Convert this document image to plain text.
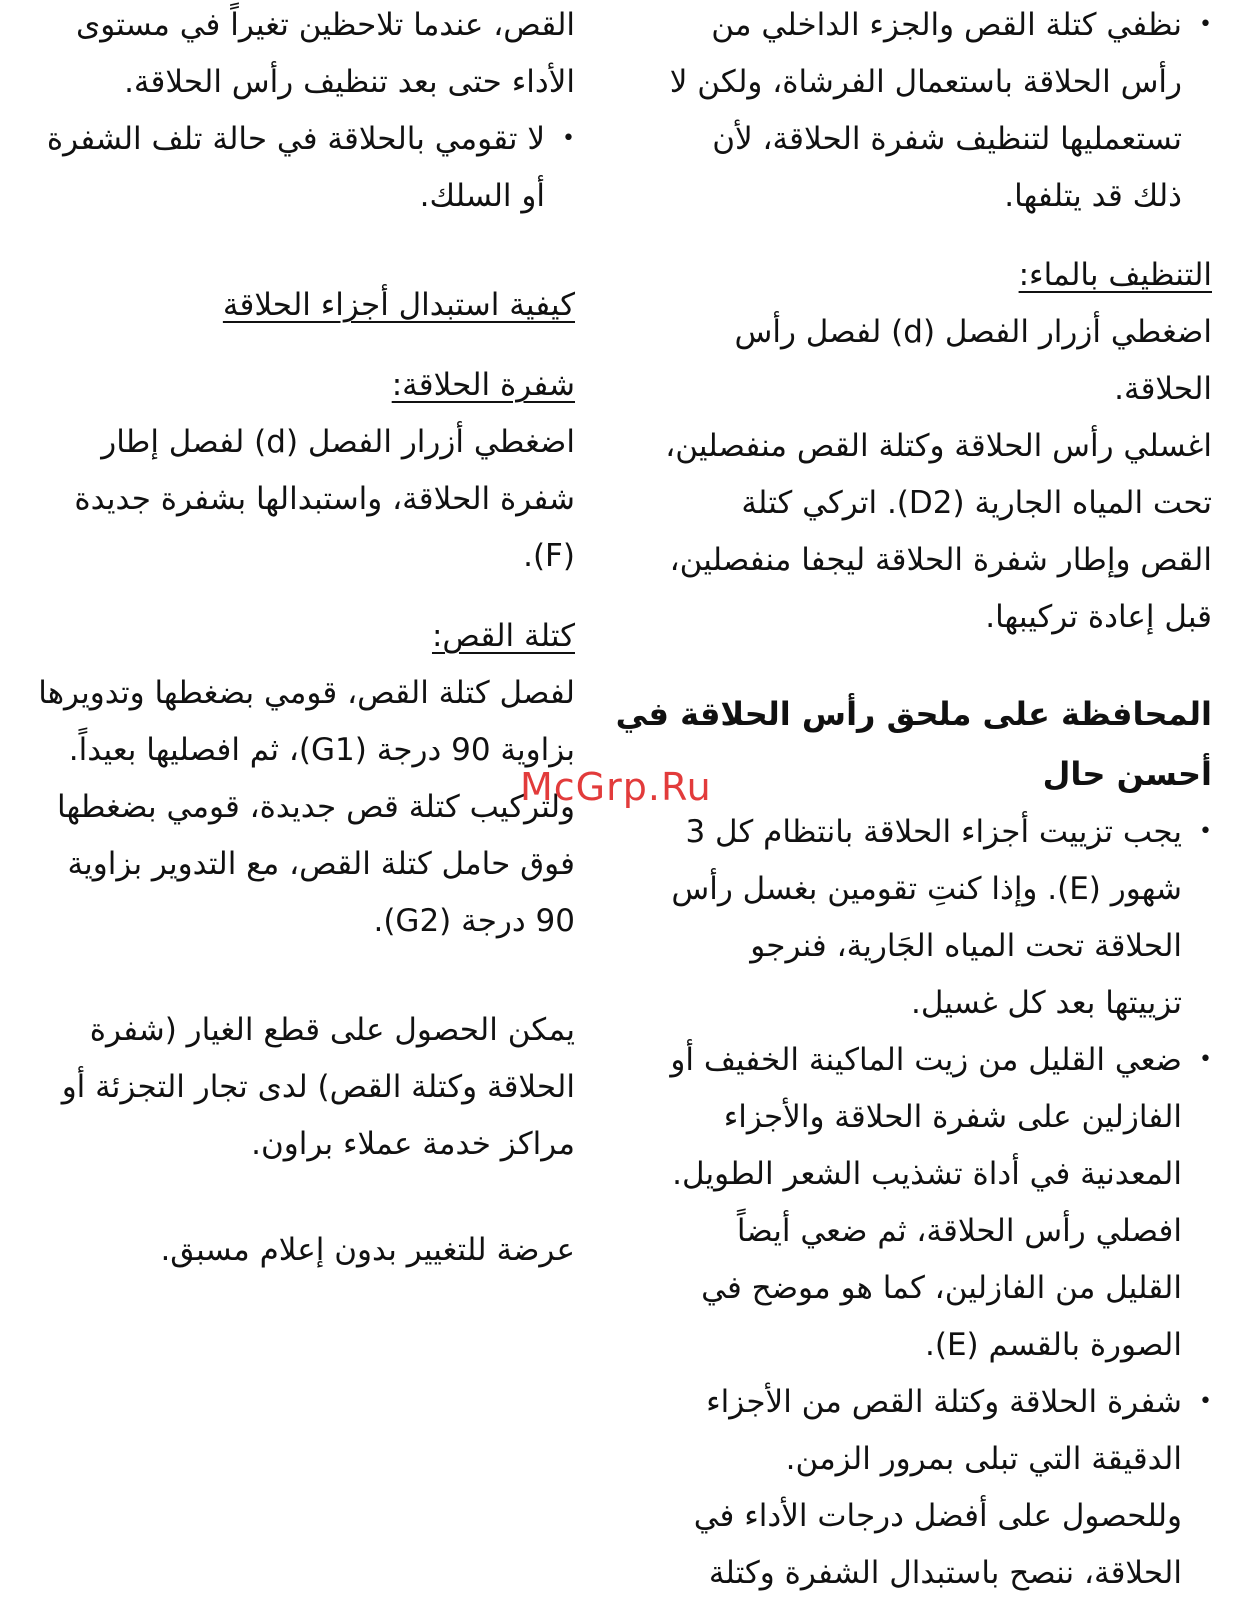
•
نظفي كتلة القص والجزء الداخلي من
رأس الحلاقة باستعمال الفرشاة، ولكن لا
تستعمليها لتنظيف شفرة الحلاقة، لأن
ذلك قد يتلفها.
التنظيف بالماء:
اضغطي أزرار الفصل (d) لفصل رأس
الحلاقة.
اغسلي رأس الحلاقة وكتلة القص منفصلين،
تحت المياه الجارية (D2). اتركي كتلة
القص وإطار شفرة الحلاقة ليجفا منفصلين،
قبل إعادة تركيبها.
المحافظة على ملحق رأس الحلاقة في
أحسن حال
•
يجب تزييت أجزاء الحلاقة بانتظام كل 3
شهور (E). وإذا كنتِ تقومين بغسل رأس
الحلاقة تحت المياه الجَارية، فنرجو
تزييتها بعد كل غسيل.
•
ضعي القليل من زيت الماكينة الخفيف أو
الفازلين على شفرة الحلاقة والأجزاء
المعدنية في أداة تشذيب الشعر الطويل.
افصلي رأس الحلاقة، ثم ضعي أيضاً
القليل من الفازلين، كما هو موضح في
الصورة بالقسم (E).
•
شفرة الحلاقة وكتلة القص من الأجزاء
الدقيقة التي تبلى بمرور الزمن.
وللحصول على أفضل درجات الأداء في
الحلاقة، ننصح باستبدال الشفرة وكتلة
القص، عندما تلاحظين تغيراً في مستوى
الأداء حتى بعد تنظيف رأس الحلاقة.
•
لا تقومي بالحلاقة في حالة تلف الشفرة
أو السلك.
كيفية استبدال أجزاء الحلاقة
شفرة الحلاقة:
اضغطي أزرار الفصل (d) لفصل إطار
شفرة الحلاقة، واستبدالها بشفرة جديدة
(F).
كتلة القص:
لفصل كتلة القص، قومي بضغطها وتدويرها
بزاوية 90 درجة (G1)، ثم افصليها بعيداً.
ولتركيب كتلة قص جديدة، قومي بضغطها
فوق حامل كتلة القص، مع التدوير بزاوية
90 درجة (G2).
يمكن الحصول على قطع الغيار (شفرة
الحلاقة وكتلة القص) لدى تجار التجزئة أو
مراكز خدمة عملاء براون.
عرضة للتغيير بدون إعلام مسبق.
McGrp.Ru
